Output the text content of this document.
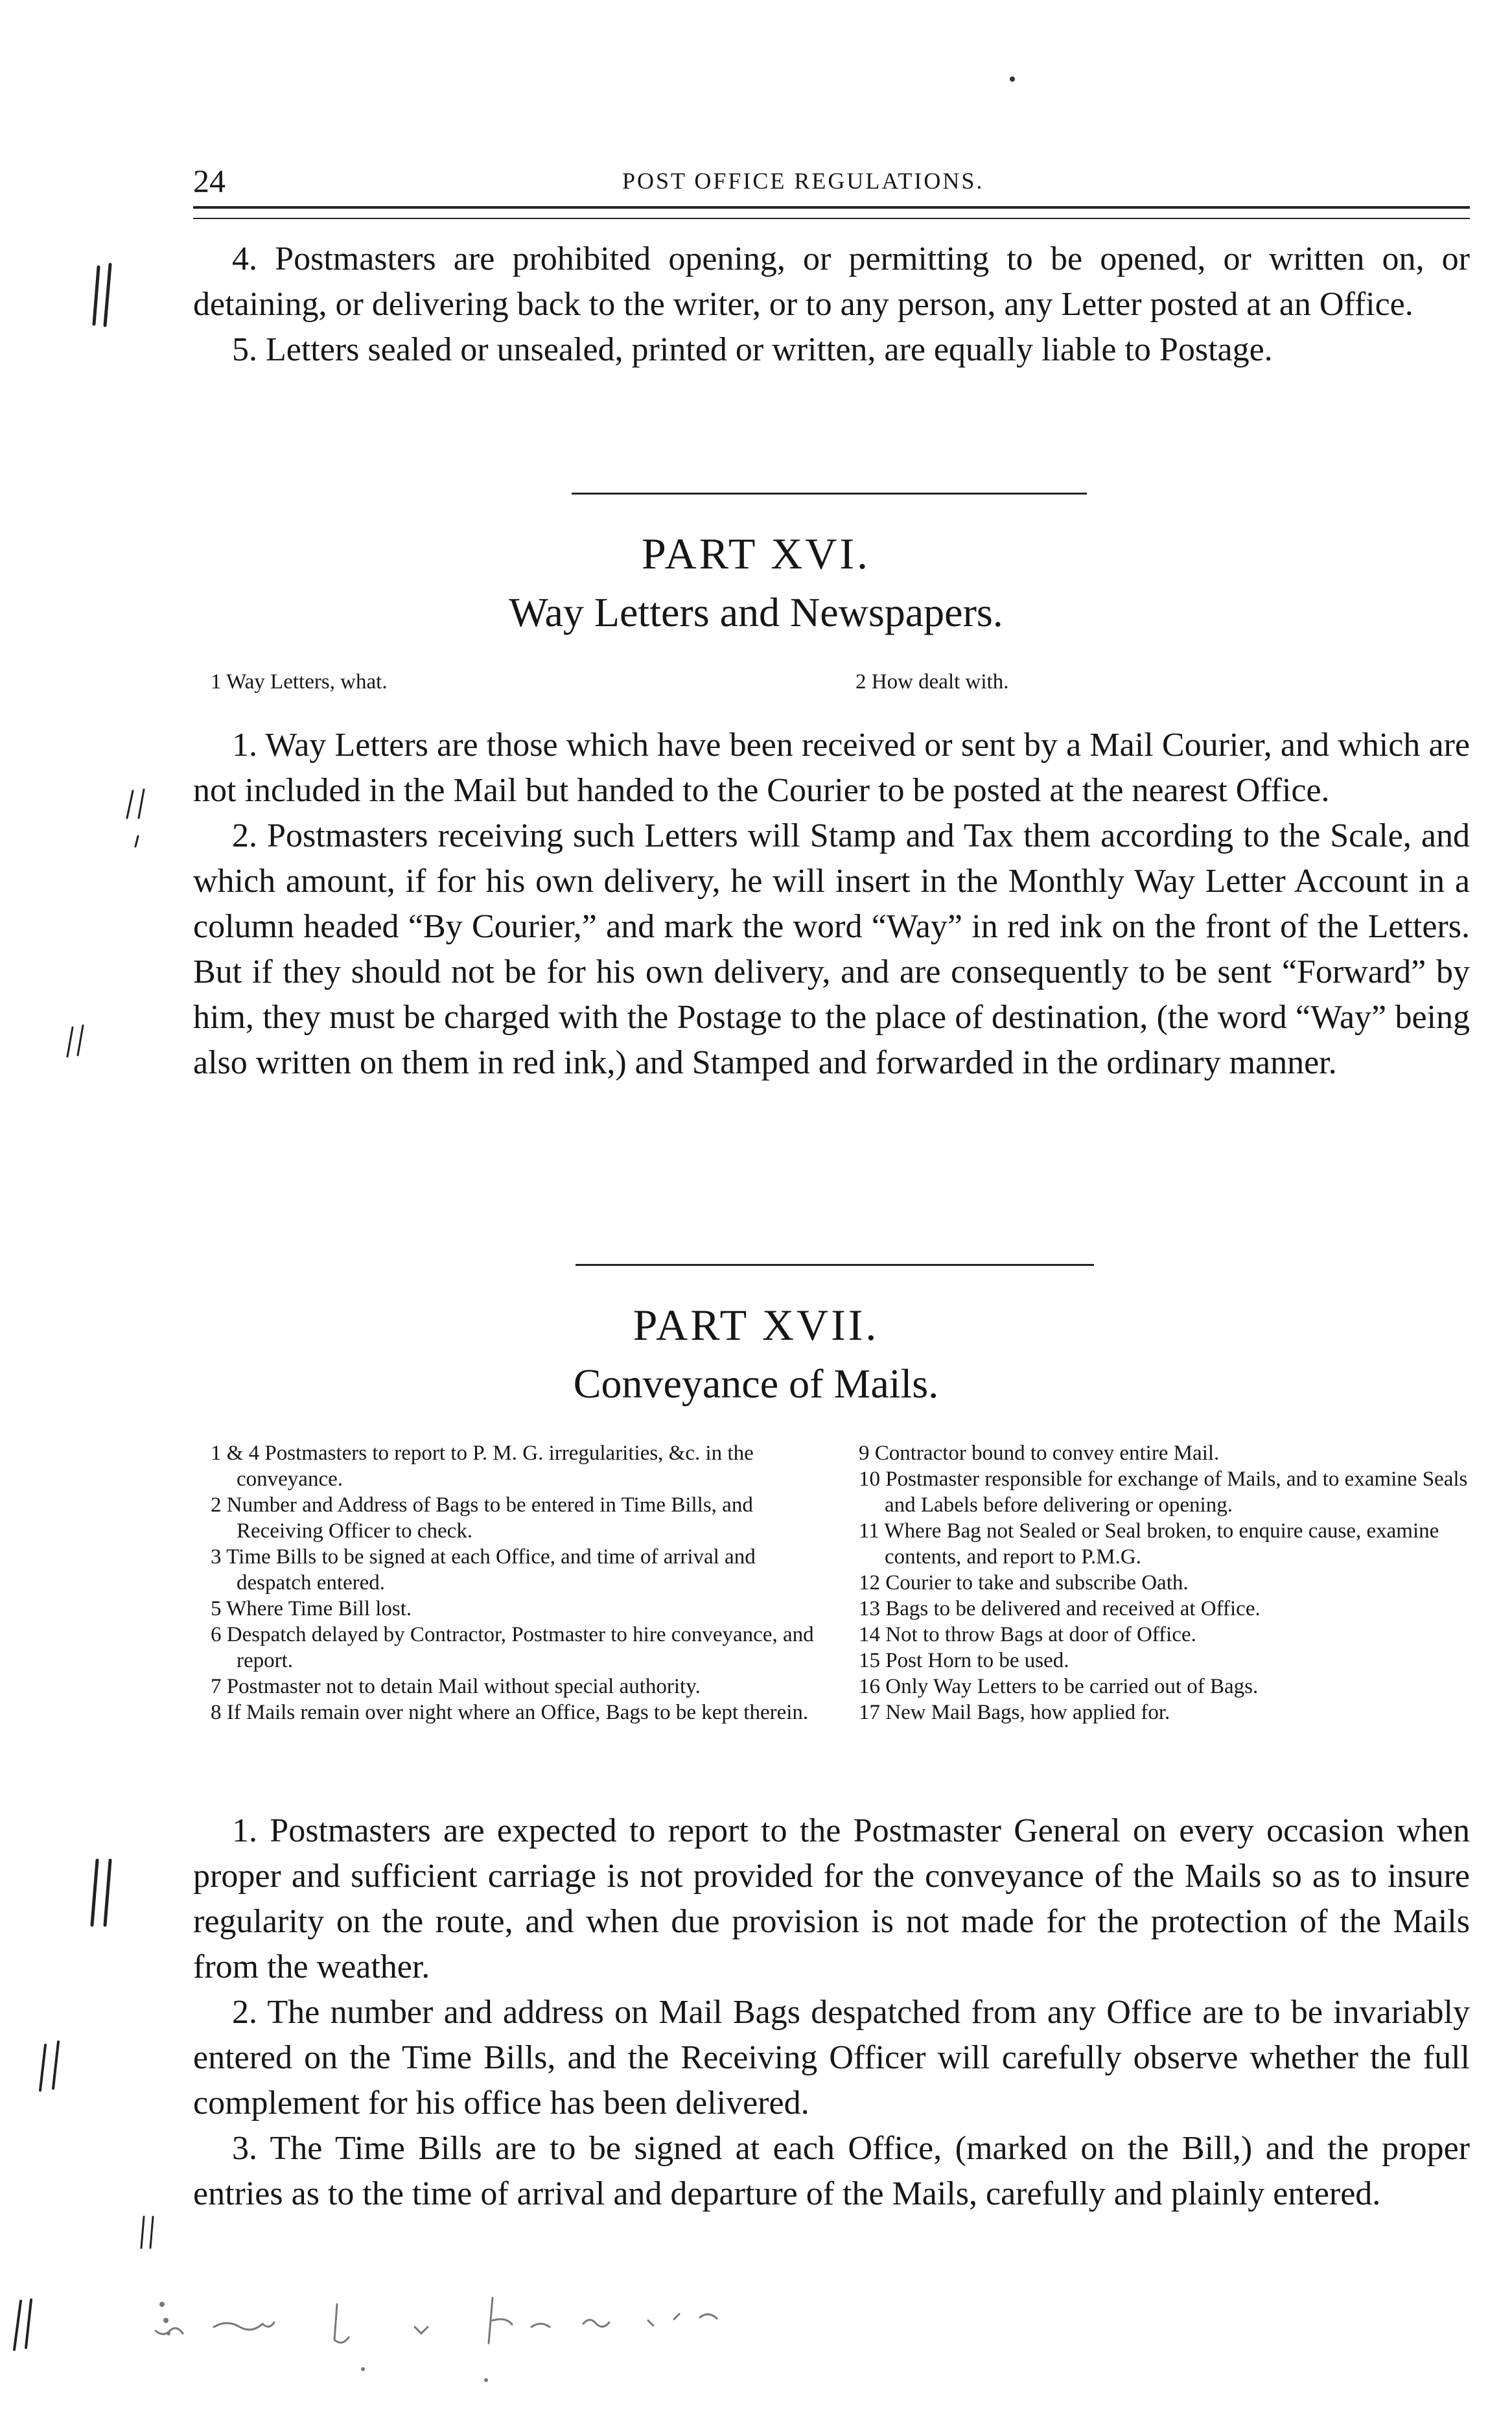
24	POST OFFICE REGULATIONS.

4. Postmasters are prohibited opening, or permitting to be opened, or written on, or detaining, or delivering back to the writer, or to any person, any Letter posted at an Office.

5. Letters sealed or unsealed, printed or written, are equally liable to Postage.

PART XVI.
Way Letters and Newspapers.
1 Way Letters, what.	2 How dealt with.

1. Way Letters are those which have been received or sent by a Mail Courier, and which are not included in the Mail but handed to the Courier to be posted at the nearest Office.

2. Postmasters receiving such Letters will Stamp and Tax them according to the Scale, and which amount, if for his own delivery, he will insert in the Monthly Way Letter Account in a column headed “By Courier,” and mark the word “Way” in red ink on the front of the Letters. But if they should not be for his own delivery, and are consequently to be sent “Forward” by him, they must be charged with the Postage to the place of destination, (the word “Way” being also written on them in red ink,) and Stamped and forwarded in the ordinary manner.

PART XVII.
Conveyance of Mails.
1 & 4 Postmasters to report to P. M. G. irregularities, &c. in the conveyance.
2 Number and Address of Bags to be entered in Time Bills, and Receiving Officer to check.
3 Time Bills to be signed at each Office, and time of arrival and despatch entered.
5 Where Time Bill lost.
6 Despatch delayed by Contractor, Postmaster to hire conveyance, and report.
7 Postmaster not to detain Mail without special authority.
8 If Mails remain over night where an Office, Bags to be kept therein.
9 Contractor bound to convey entire Mail.
10 Postmaster responsible for exchange of Mails, and to examine Seals and Labels before delivering or opening.
11 Where Bag not Sealed or Seal broken, to enquire cause, examine contents, and report to P.M.G.
12 Courier to take and subscribe Oath.
13 Bags to be delivered and received at Office.
14 Not to throw Bags at door of Office.
15 Post Horn to be used.
16 Only Way Letters to be carried out of Bags.
17 New Mail Bags, how applied for.

1. Postmasters are expected to report to the Postmaster General on every occasion when proper and sufficient carriage is not provided for the conveyance of the Mails so as to insure regularity on the route, and when due provision is not made for the protection of the Mails from the weather.

2. The number and address on Mail Bags despatched from any Office are to be invariably entered on the Time Bills, and the Receiving Officer will carefully observe whether the full complement for his office has been delivered.

3. The Time Bills are to be signed at each Office, (marked on the Bill,) and the proper entries as to the time of arrival and departure of the Mails, carefully and plainly entered.
